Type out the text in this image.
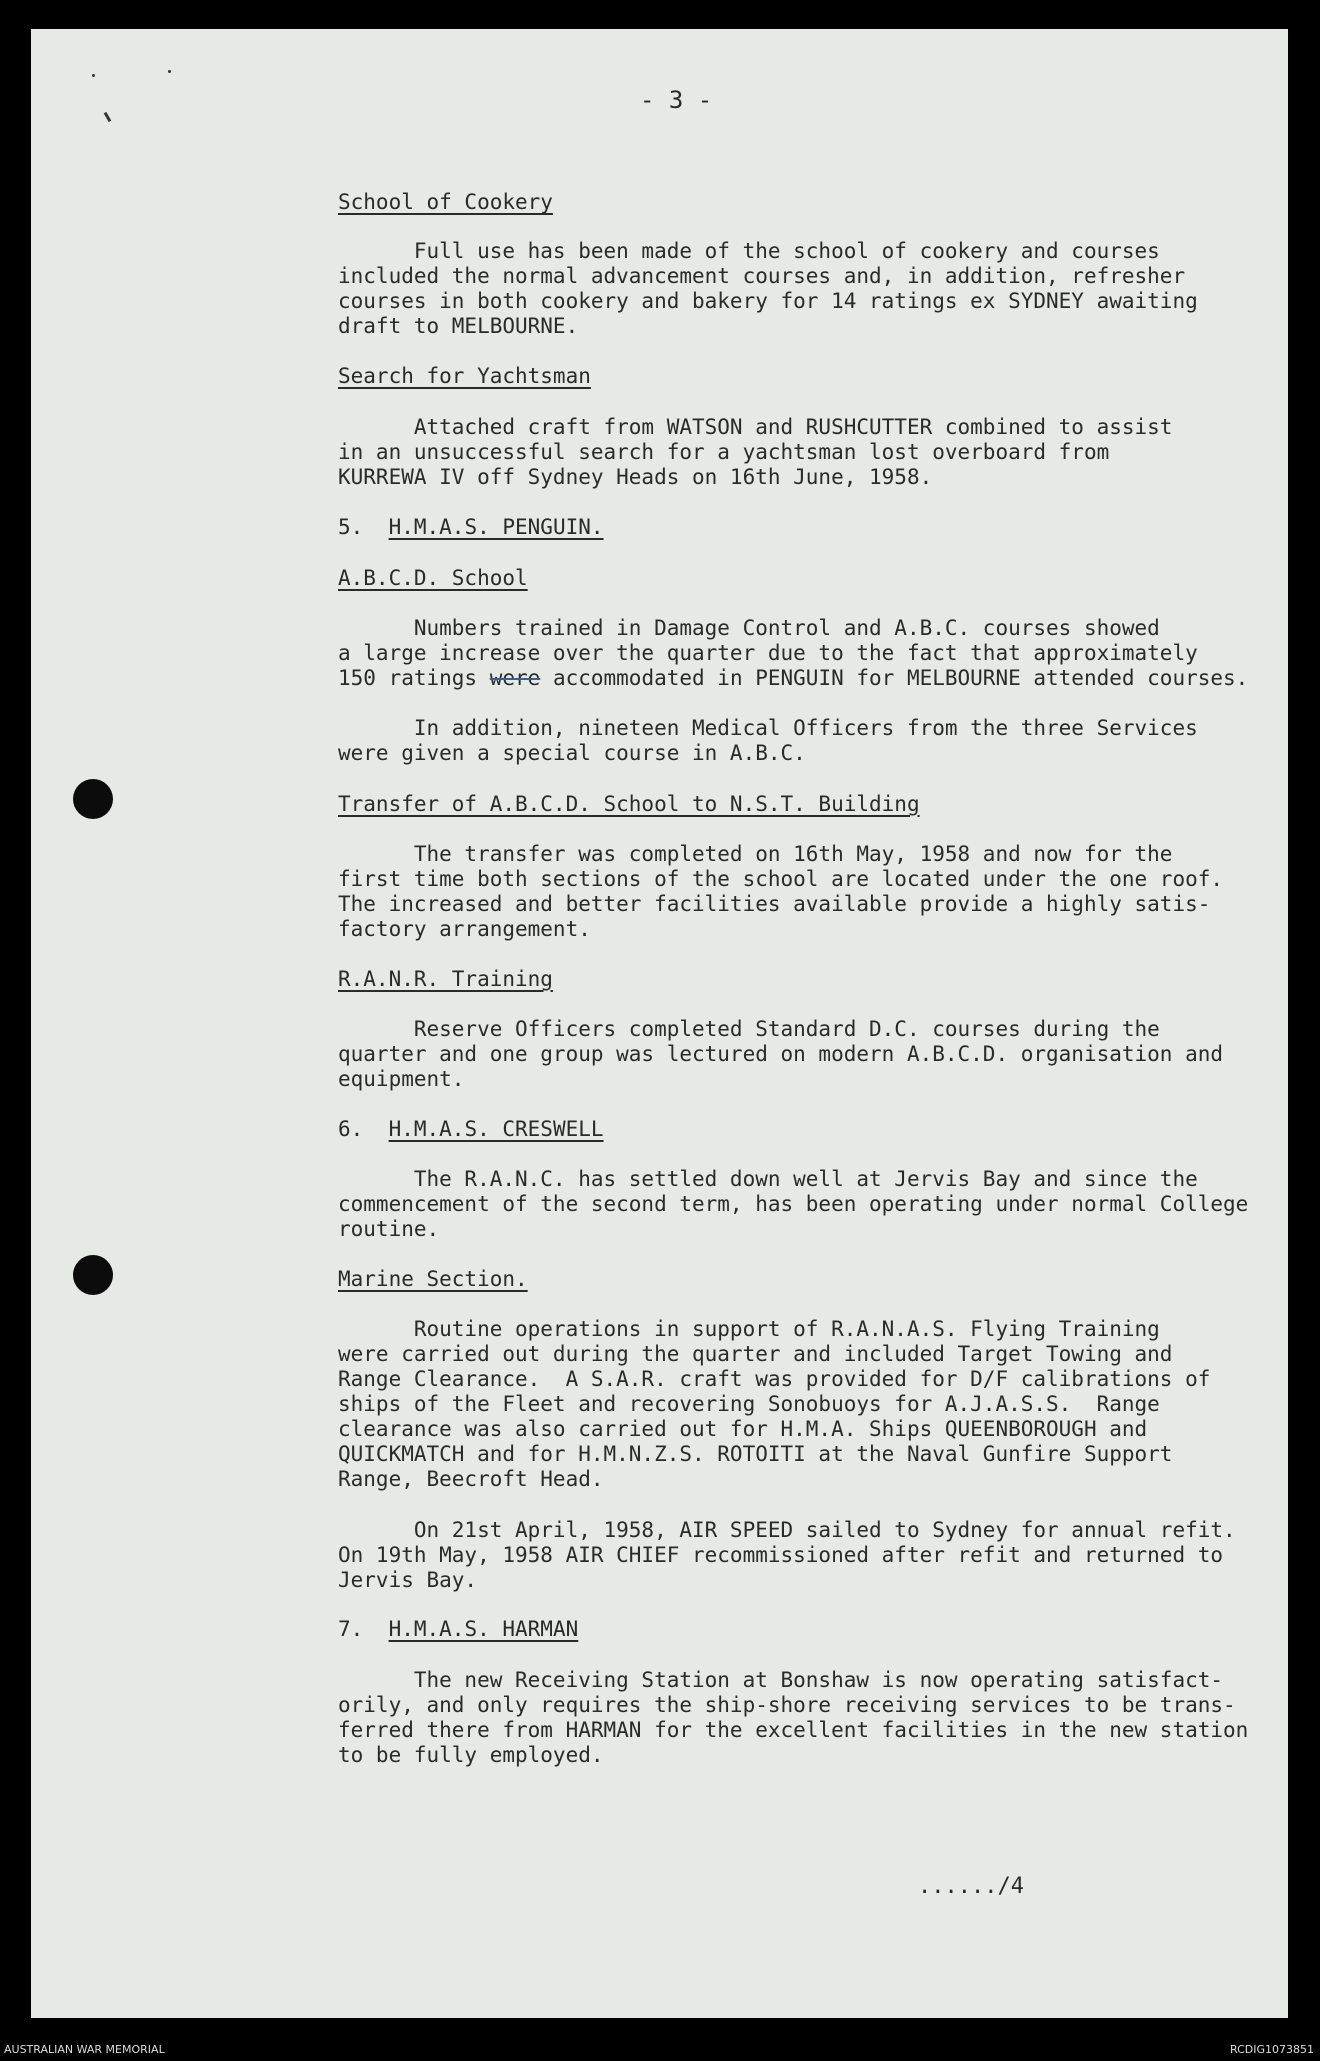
- 3 -

School of Cookery

Full use has been made of the school of cookery and courses
included the normal advancement courses and, in addition, refresher
courses in both cookery and bakery for 14 ratings ex SYDNEY awaiting
draft to MELBOURNE.

Search for Yachtsman

Attached craft from WATSON and RUSHCUTTER combined to assist
in an unsuccessful search for a yachtsman lost overboard from
KURREWA IV off Sydney Heads on 16th June, 1958.

5. H.M.A.S. PENGUIN.

A.B.C.D. School

Numbers trained in Damage Control and A.B.C. courses showed
a large increase over the quarter due to the fact that approximately
150 ratings were accommodated in PENGUIN for MELBOURNE attended courses.

In addition, nineteen Medical Officers from the three Services
were given a special course in A.B.C.

Transfer of A.B.C.D. School to N.S.T. Building

The transfer was completed on 16th May, 1958 and now for the
first time both sections of the school are located under the one roof.
The increased and better facilities available provide a highly satis-
factory arrangement.

R.A.N.R. Training

Reserve Officers completed Standard D.C. courses during the
quarter and one group was lectured on modern A.B.C.D. organisation and
equipment.

6. H.M.A.S. CRESWELL

The R.A.N.C. has settled down well at Jervis Bay and since the
commencement of the second term, has been operating under normal College
routine.

Marine Section.

Routine operations in support of R.A.N.A.S. Flying Training
were carried out during the quarter and included Target Towing and
Range Clearance.  A S.A.R. craft was provided for D/F calibrations of
ships of the Fleet and recovering Sonobuoys for A.J.A.S.S.  Range
clearance was also carried out for H.M.A. Ships QUEENBOROUGH and
QUICKMATCH and for H.M.N.Z.S. ROTOITI at the Naval Gunfire Support
Range, Beecroft Head.

On 21st April, 1958, AIR SPEED sailed to Sydney for annual refit.
On 19th May, 1958 AIR CHIEF recommissioned after refit and returned to
Jervis Bay.

7. H.M.A.S. HARMAN

The new Receiving Station at Bonshaw is now operating satisfact-
orily, and only requires the ship-shore receiving services to be trans-
ferred there from HARMAN for the excellent facilities in the new station
to be fully employed.

....../4
AUSTRALIAN WAR MEMORIAL	RCDIG1073851
